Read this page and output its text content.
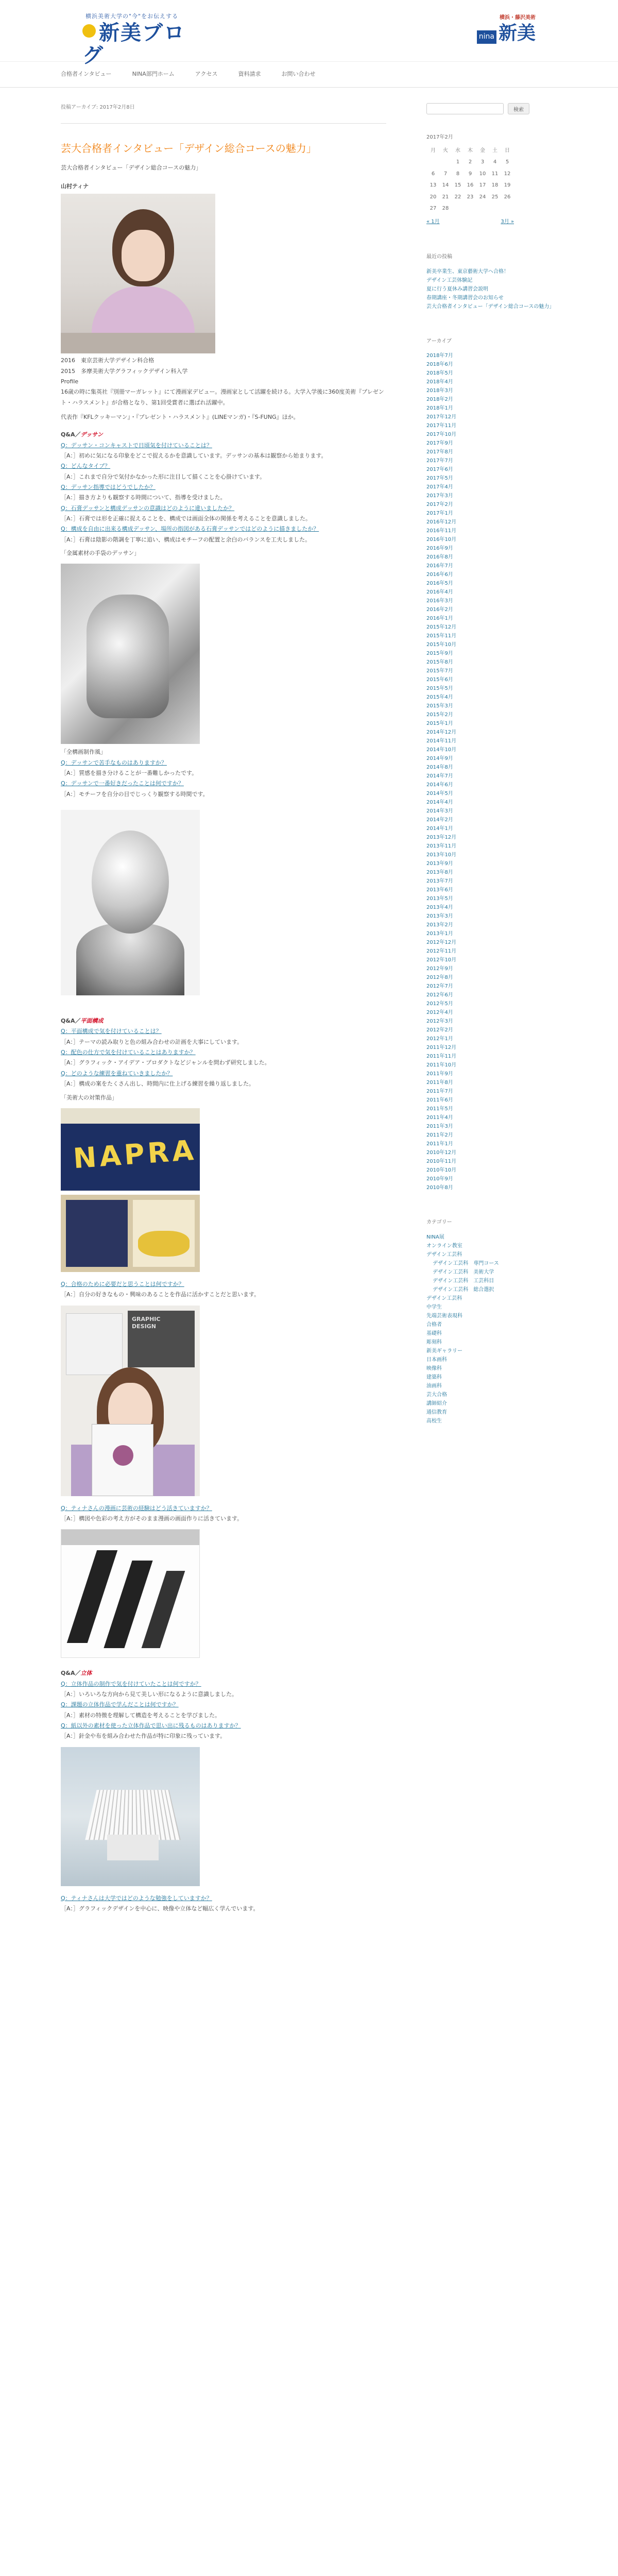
横浜美術大学の"今"をお伝えする
新美ブログ
横浜・藤沢美術
nina 新美
合格者インタビュー	NINA部門ホーム	アクセス	資料請求	お問い合わせ
投稿アーカイブ: 2017年2月8日
芸大合格者インタビュー「デザイン総合コースの魅力」

芸大合格者インタビュー「デザイン総合コースの魅力」

山村ティナ

2016　東京芸術大学デザイン科合格

2015　多摩美術大学グラフィックデザイン科入学

Profile

16歳の時に集英社『別冊マーガレット』にて漫画家デビュー。漫画家として活躍を続ける。大学入学後に360度美術『プレゼント・ハラスメント』が合格となり、第1回受賞者に選ばれ活躍中。

代表作『KFLクッキーマン』・『プレゼント・ハラスメント』(LINEマンガ)・『S-FUNG』ほか。

Q&A／デッサン

Q：デッサン・コンキャストで日頃気を付けていることは？

［A：］初めに気になる印象をどこで捉えるかを意識しています。デッサンの基本は観察から始まります。

Q：どんなタイプ？

［A：］これまで自分で気付かなかった形に注目して描くことを心掛けています。

Q：デッサン指導ではどうでしたか？

［A：］描き方よりも観察する時間について、指導を受けました。

Q：石膏デッサンと構成デッサンの意識はどのように違いましたか？

［A：］石膏では形を正確に捉えることを、構成では画面全体の関係を考えることを意識しました。

Q：構成を自由に出来る構成デッサン、場所の指図がある石膏デッサンではどのように描きましたか？

［A：］石膏は陰影の階調を丁寧に追い、構成はモチーフの配置と余白のバランスを工夫しました。

「金属素材の手袋のデッサン」

「全構画制作風」

Q：デッサンで苦手なものはありますか？

［A：］質感を描き分けることが一番難しかったです。

Q：デッサンで一番好きだったことは何ですか？

［A：］モチーフを自分の目でじっくり観察する時間です。

Q&A／平面構成

Q：平面構成で気を付けていることは？

［A：］テーマの読み取りと色の組み合わせの計画を大事にしています。

Q：配色の仕方で気を付けていることはありますか？

［A：］グラフィック・アイデア・プロダクトなどジャンルを問わず研究しました。

Q：どのような練習を重ねていきましたか？

［A：］構成の案をたくさん出し、時間内に仕上げる練習を繰り返しました。

「美術大の対策作品」

NAPRA

Q：合格のために必要だと思うことは何ですか？

［A：］自分の好きなもの・興味のあることを作品に活かすことだと思います。

GRAPHIC
DESIGN

Q：ティナさんの漫画に芸術の経験はどう活きていますか？

［A：］構図や色彩の考え方がそのまま漫画の画面作りに活きています。

Q&A／立体

Q：立体作品の制作で気を付けていたことは何ですか？

［A：］いろいろな方向から見て美しい形になるように意識しました。

Q：課題の立体作品で学んだことは何ですか？

［A：］素材の特徴を理解して構造を考えることを学びました。

Q：紙以外の素材を使った立体作品で思い出に残るものはありますか？

［A：］針金や布を組み合わせた作品が特に印象に残っています。

Q：ティナさんは大学ではどのような勉強をしていますか？

［A：］グラフィックデザインを中心に、映像や立体など幅広く学んでいます。

検索
2017年2月
月	火	水	木	金	土	日
		1	2	3	4	5
6	7	8	9	10	11	12
13	14	15	16	17	18	19
20	21	22	23	24	25	26
27	28					
« 1月	3月 »
最近の投稿
新美卒業生、東京藝術大学へ合格！
デザイン工芸体験記
夏に行う夏休み講習会説明
春期講座・冬期講習会のお知らせ
芸大合格者インタビュー「デザイン総合コースの魅力」
アーカイブ
2018年7月
2018年6月
2018年5月
2018年4月
2018年3月
2018年2月
2018年1月
2017年12月
2017年11月
2017年10月
2017年9月
2017年8月
2017年7月
2017年6月
2017年5月
2017年4月
2017年3月
2017年2月
2017年1月
2016年12月
2016年11月
2016年10月
2016年9月
2016年8月
2016年7月
2016年6月
2016年5月
2016年4月
2016年3月
2016年2月
2016年1月
2015年12月
2015年11月
2015年10月
2015年9月
2015年8月
2015年7月
2015年6月
2015年5月
2015年4月
2015年3月
2015年2月
2015年1月
2014年12月
2014年11月
2014年10月
2014年9月
2014年8月
2014年7月
2014年6月
2014年5月
2014年4月
2014年3月
2014年2月
2014年1月
2013年12月
2013年11月
2013年10月
2013年9月
2013年8月
2013年7月
2013年6月
2013年5月
2013年4月
2013年3月
2013年2月
2013年1月
2012年12月
2012年11月
2012年10月
2012年9月
2012年8月
2012年7月
2012年6月
2012年5月
2012年4月
2012年3月
2012年2月
2012年1月
2011年12月
2011年11月
2011年10月
2011年9月
2011年8月
2011年7月
2011年6月
2011年5月
2011年4月
2011年3月
2011年2月
2011年1月
2010年12月
2010年11月
2010年10月
2010年9月
2010年8月
カテゴリー
NINA展
オンライン教室
デザイン工芸科
デザイン工芸科　専門コース
デザイン工芸科　美術大学
デザイン工芸科　工芸科目
デザイン工芸科　総合選択
デザイン工芸科
中学生
先端芸術表現科
合格者
基礎科
彫刻科
新美ギャラリー
日本画科
映像科
建築科
油画科
芸大合格
講師紹介
通信教育
高校生
